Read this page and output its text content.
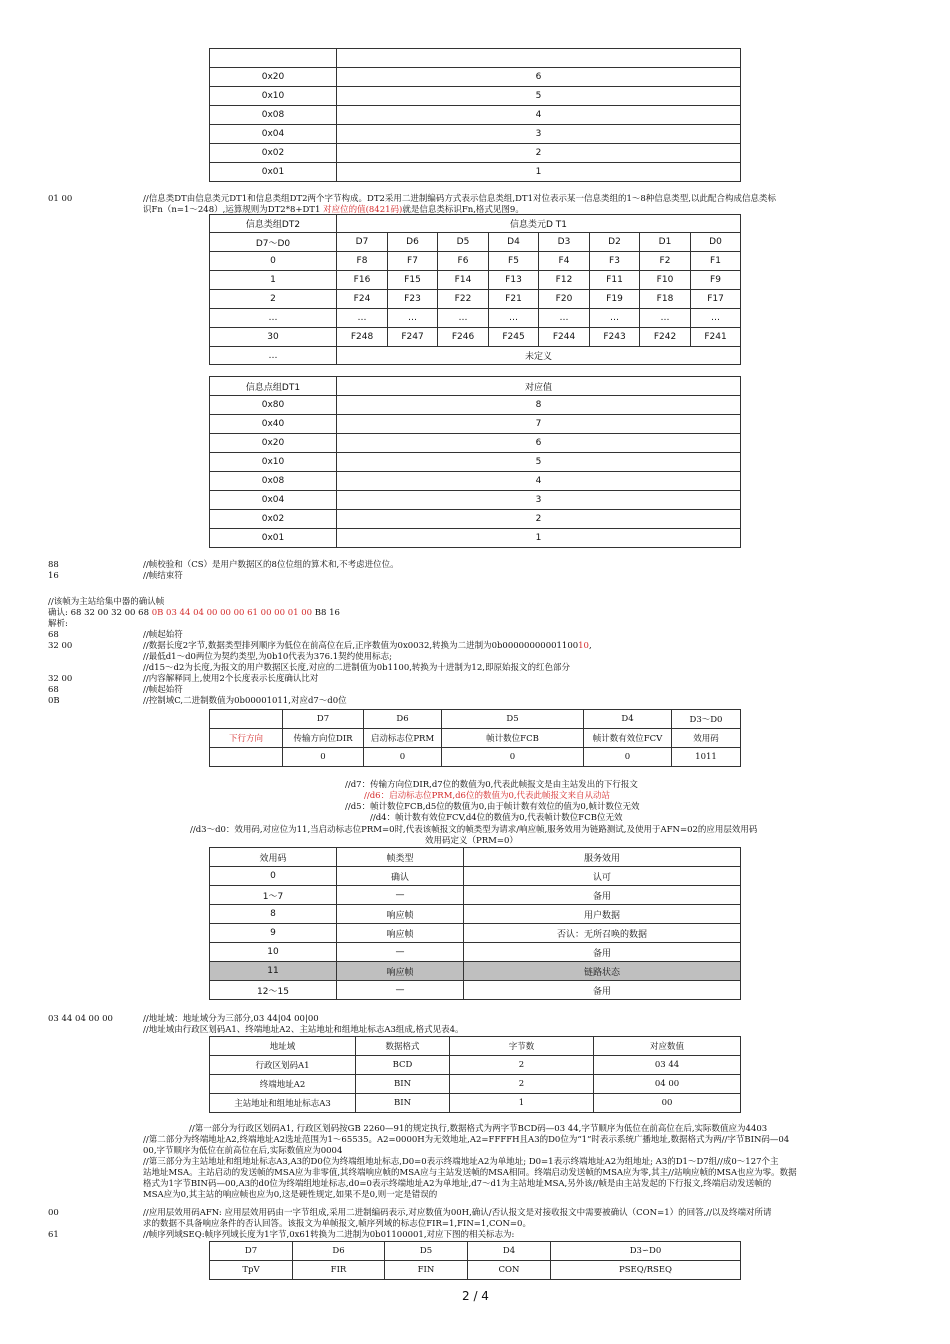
0x20	6
0x10	5
0x08	4
0x04	3
0x02	2
0x01	1
01 00	//信息类DT由信息类元DT1和信息类组DT2两个字节构成。DT2采用二进制编码方式表示信息类组,DT1对位表示某一信息类组的1～8种信息类型,以此配合构成信息类标
识Fn（n=1～248）,运算规则为DT2*8+DT1 对应位的值(8421码)就是信息类标识Fn,格式见图9。
信息类组DT2	信息类元D T1							
D7～D0	D7	D6	D5	D4	D3	D2	D1	D0
0	F8	F7	F6	F5	F4	F3	F2	F1
1	F16	F15	F14	F13	F12	F11	F10	F9
2	F24	F23	F22	F21	F20	F19	F18	F17
…	…	…	…	…	…	…	…	…
30	F248	F247	F246	F245	F244	F243	F242	F241
…	未定义							
信息点组DT1	对应值
0x80	8
0x40	7
0x20	6
0x10	5
0x08	4
0x04	3
0x02	2
0x01	1
88	//帧校验和（CS）是用户数据区的8位位组的算术和,不考虑进位位。
16	//帧结束符
//该帧为主站给集中器的确认帧
确认: 68 32 00 32 00 68 0B 03 44 04 00 00 00 61 00 00 01 00 B8 16
解析:
68	//帧起始符
32 00	//数据长度2字节,数据类型排列顺序为低位在前高位在后,正序数值为0x0032,转换为二进制为0b0000000000110010,
//最低d1～d0两位为契约类型,为0b10代表为376.1契约使用标志;
//d15～d2为长度,为报文的用户数据区长度,对应的二进制值为0b1100,转换为十进制为12,即原始报文的红色部分
32 00	//内容解释同上,使用2个长度表示长度确认比对
68	//帧起始符
0B	//控制域C,二进制数值为0b00001011,对应d7～d0位
	D7	D6	D5	D4	D3～D0
下行方向	传输方向位DIR	启动标志位PRM	帧计数位FCB	帧计数有效位FCV	效用码
	0	0	0	0	1011
//d7：传输方向位DIR,d7位的数值为0,代表此帧报文是由主站发出的下行报文
//d6：启动标志位PRM,d6位的数值为0,代表此帧报文来自从动站
//d5：帧计数位FCB,d5位的数值为0,由于帧计数有效位的值为0,帧计数位无效
//d4：帧计数有效位FCV,d4位的数值为0,代表帧计数位FCB位无效
//d3～d0：效用码,对应位为11,当启动标志位PRM=0时,代表该帧报文的帧类型为请求/响应帧,服务效用为链路测试,及使用于AFN=02的应用层效用码
效用码定义（PRM=0）
效用码	帧类型	服务效用
0	确认	认可
1～7	—	备用
8	响应帧	用户数据
9	响应帧	否认：无所召唤的数据
10	—	备用
11	响应帧	链路状态
12～15	—	备用
03 44 04 00 00	//地址域：地址域分为三部分,03 44|04 00|00
//地址域由行政区划码A1、终端地址A2、主站地址和组地址标志A3组成,格式见表4。
地址域	数据格式	字节数	对应数值
行政区划码A1	BCD	2	03 44
终端地址A2	BIN	2	04 00
主站地址和组地址标志A3	BIN	1	00
//第一部分为行政区划码A1, 行政区划码按GB 2260—91的规定执行,数据格式为两字节BCD码—03 44,字节顺序为低位在前高位在后,实际数值应为4403
//第二部分为终端地址A2,终端地址A2选址范围为1～65535。A2=0000H为无效地址,A2=FFFFH且A3的D0位为“1”时表示系统广播地址,数据格式为两//字节BIN码—04
00,字节顺序为低位在前高位在后,实际数值应为0004
//第三部分为主站地址和组地址标志A3,A3的D0位为终端组地址标志,D0=0表示终端地址A2为单地址; D0=1表示终端地址A2为组地址; A3的D1～D7组//成0～127个主
站地址MSA。主站启动的发送帧的MSA应为非零值,其终端响应帧的MSA应与主站发送帧的MSA相同。终端启动发送帧的MSA应为零,其主//站响应帧的MSA也应为零。数据
格式为1字节BIN码—00,A3的d0位为终端组地址标志,d0=0表示终端地址A2为单地址,d7～d1为主站地址MSA,另外该//帧是由主站发起的下行报文,终端启动发送帧的
MSA应为0,其主站的响应帧也应为0,这是硬性规定,如果不是0,则一定是错误的
00	//应用层效用码AFN: 应用层效用码由一字节组成,采用二进制编码表示,对应数值为00H,确认/否认报文是对接收报文中需要被确认（CON=1）的回答,//以及终端对所请
求的数据不具备响应条件的否认回答。该报文为单帧报文,帧序列域的标志位FIR=1,FIN=1,CON=0。
61	//帧序列域SEQ:帧序列域长度为1字节,0x61转换为二进制为0b01100001,对应下图的相关标志为:
D7	D6	D5	D4	D3∽D0
TpV	FIR	FIN	CON	PSEQ/RSEQ
2 / 4
